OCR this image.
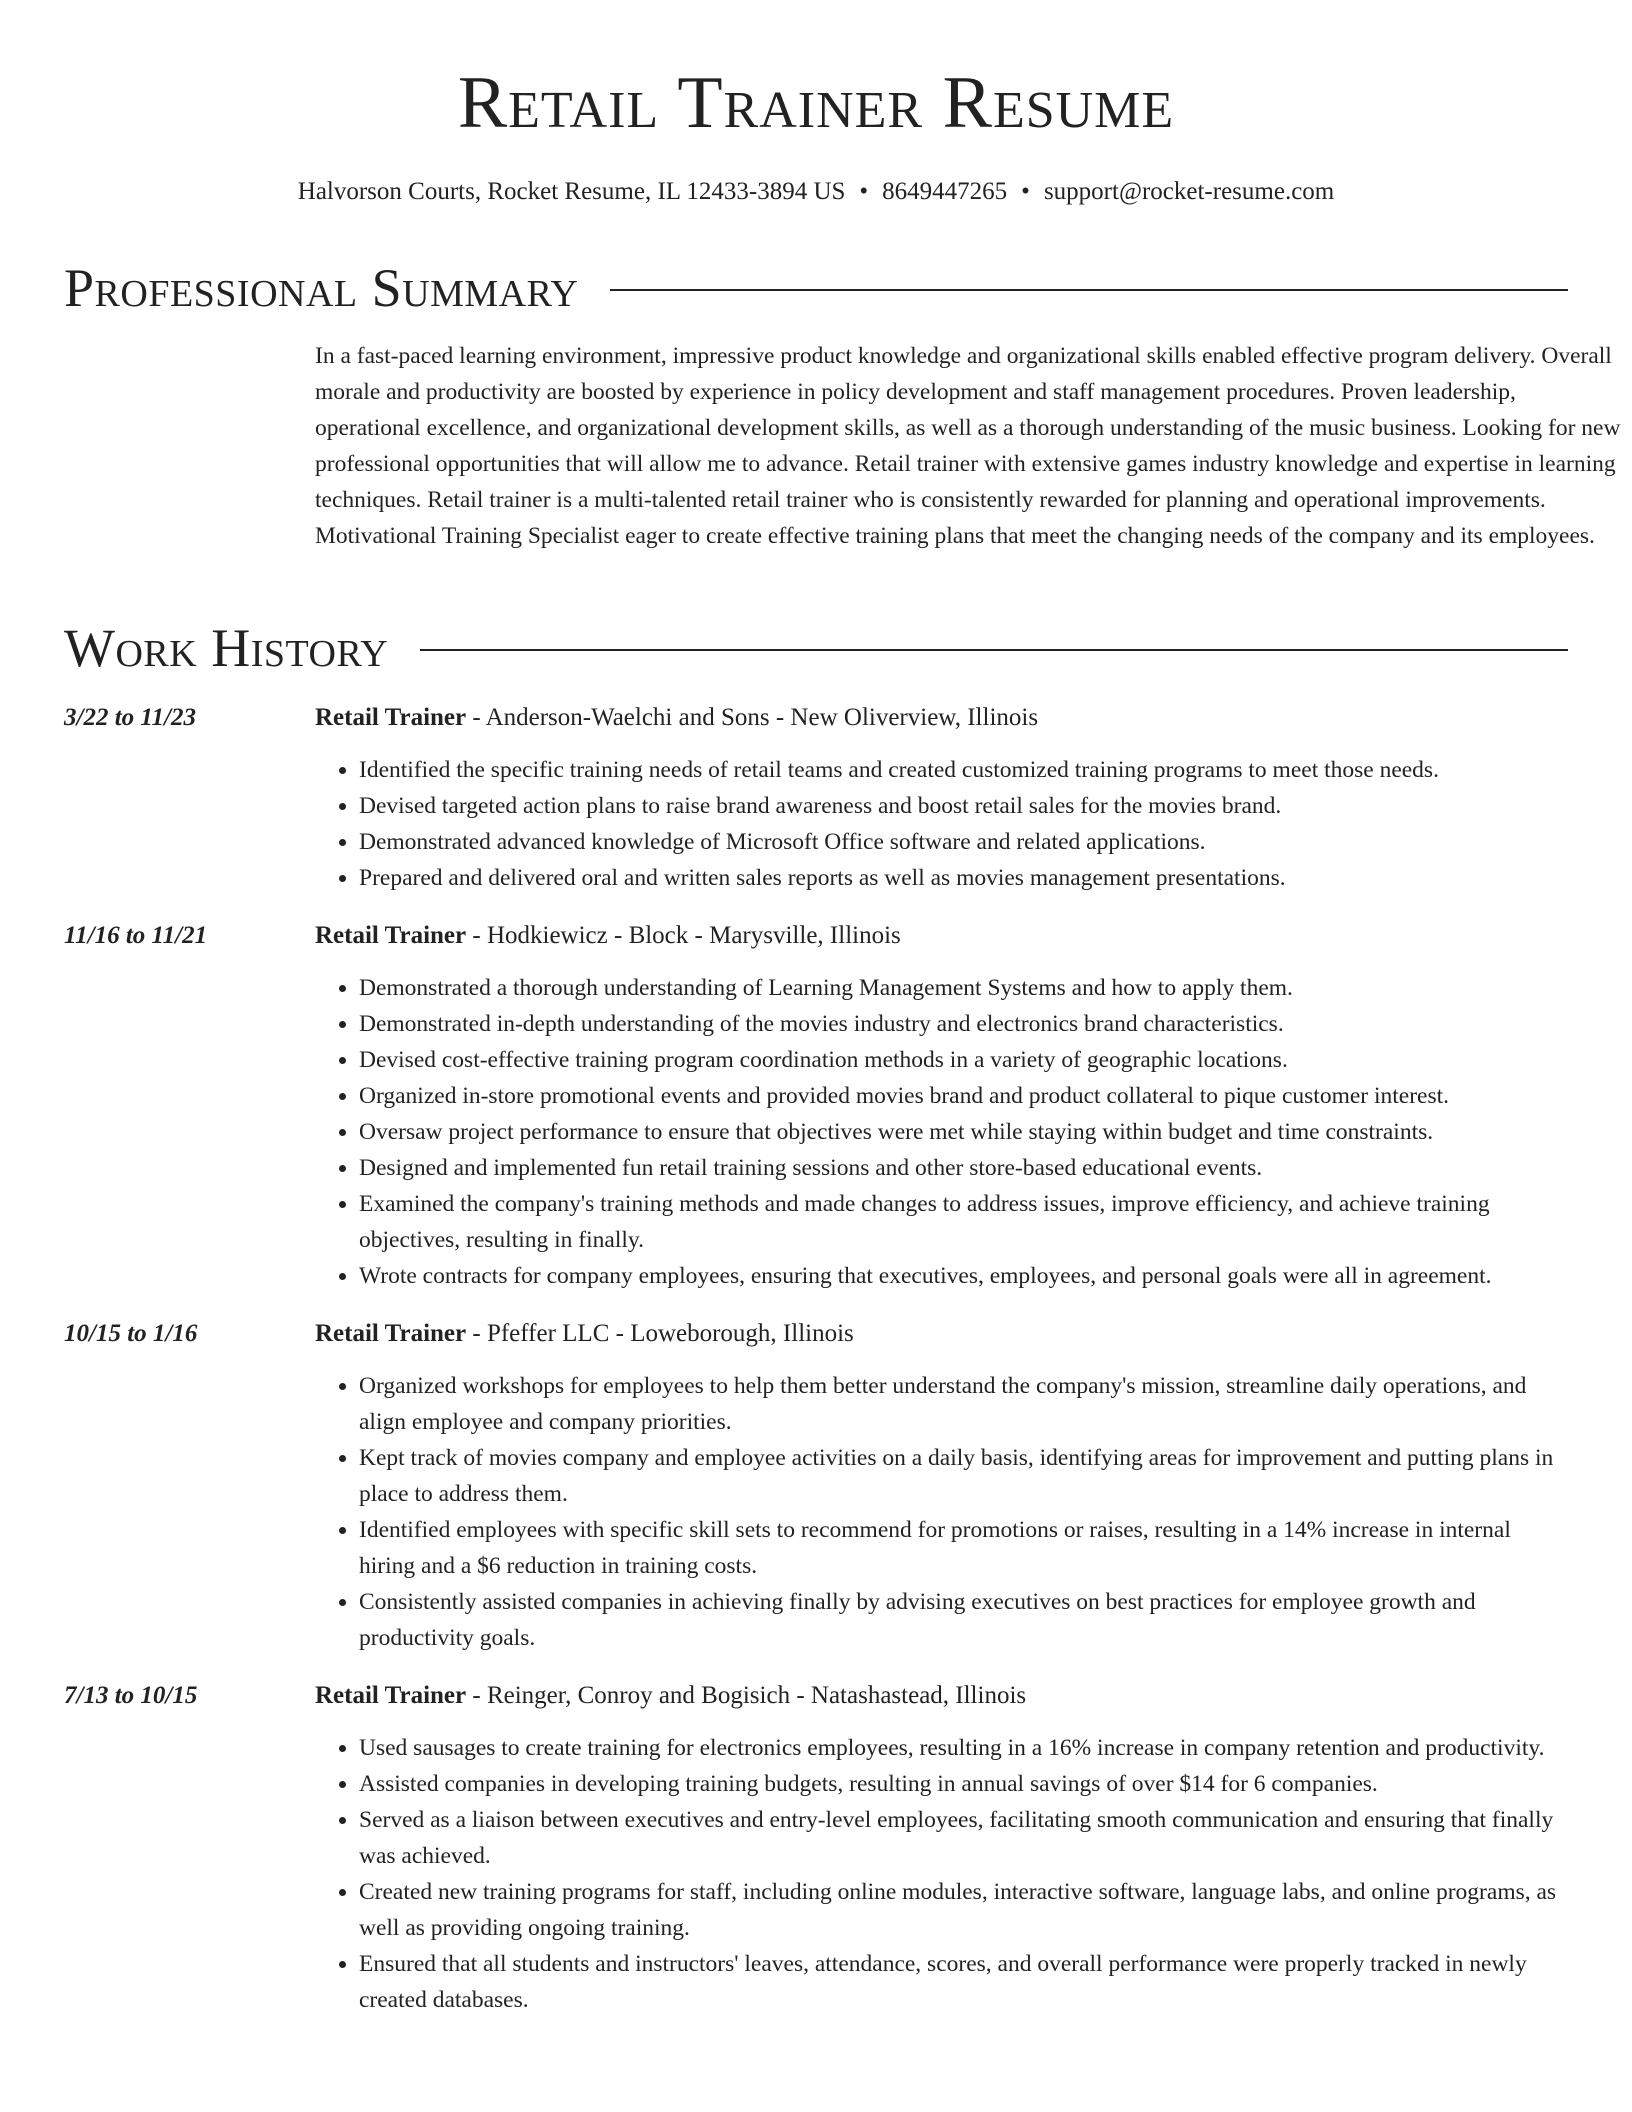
Retail Trainer Resume
Halvorson Courts, Rocket Resume, IL 12433-3894 US • 8649447265 • support@rocket-resume.com
Professional Summary

In a fast-paced learning environment, impressive product knowledge and organizational skills enabled effective program delivery. Overall morale and productivity are boosted by experience in policy development and staff management procedures. Proven leadership, operational excellence, and organizational development skills, as well as a thorough understanding of the music business. Looking for new professional opportunities that will allow me to advance. Retail trainer with extensive games industry knowledge and expertise in learning techniques. Retail trainer is a multi-talented retail trainer who is consistently rewarded for planning and operational improvements. Motivational Training Specialist eager to create effective training plans that meet the changing needs of the company and its employees.

Work History
3/22 to 11/23	Retail Trainer - Anderson-Waelchi and Sons - New Oliverview, Illinois
• Identified the specific training needs of retail teams and created customized training programs to meet those needs.
• Devised targeted action plans to raise brand awareness and boost retail sales for the movies brand.
• Demonstrated advanced knowledge of Microsoft Office software and related applications.
• Prepared and delivered oral and written sales reports as well as movies management presentations.
11/16 to 11/21	Retail Trainer - Hodkiewicz - Block - Marysville, Illinois
• Demonstrated a thorough understanding of Learning Management Systems and how to apply them.
• Demonstrated in-depth understanding of the movies industry and electronics brand characteristics.
• Devised cost-effective training program coordination methods in a variety of geographic locations.
• Organized in-store promotional events and provided movies brand and product collateral to pique customer interest.
• Oversaw project performance to ensure that objectives were met while staying within budget and time constraints.
• Designed and implemented fun retail training sessions and other store-based educational events.
• Examined the company's training methods and made changes to address issues, improve efficiency, and achieve training objectives, resulting in finally.
• Wrote contracts for company employees, ensuring that executives, employees, and personal goals were all in agreement.
10/15 to 1/16	Retail Trainer - Pfeffer LLC - Loweborough, Illinois
• Organized workshops for employees to help them better understand the company's mission, streamline daily operations, and align employee and company priorities.
• Kept track of movies company and employee activities on a daily basis, identifying areas for improvement and putting plans in place to address them.
• Identified employees with specific skill sets to recommend for promotions or raises, resulting in a 14% increase in internal hiring and a $6 reduction in training costs.
• Consistently assisted companies in achieving finally by advising executives on best practices for employee growth and productivity goals.
7/13 to 10/15	Retail Trainer - Reinger, Conroy and Bogisich - Natashastead, Illinois
• Used sausages to create training for electronics employees, resulting in a 16% increase in company retention and productivity.
• Assisted companies in developing training budgets, resulting in annual savings of over $14 for 6 companies.
• Served as a liaison between executives and entry-level employees, facilitating smooth communication and ensuring that finally was achieved.
• Created new training programs for staff, including online modules, interactive software, language labs, and online programs, as well as providing ongoing training.
• Ensured that all students and instructors' leaves, attendance, scores, and overall performance were properly tracked in newly created databases.
